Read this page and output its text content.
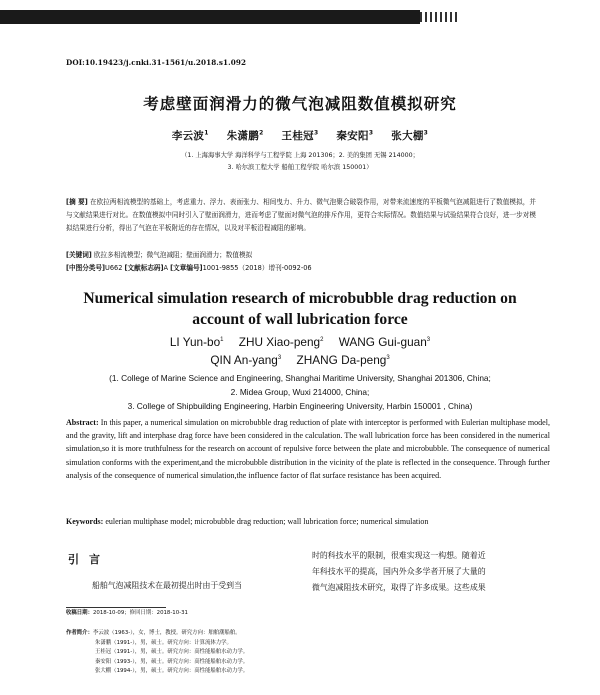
DOI:10.19423/j.cnki.31-1561/u.2018.s1.092
考虑壁面润滑力的微气泡减阻数值模拟研究
李云波$^1$ 朱潇鹏$^2$ 王桂冠$^3$ 秦安阳$^3$ 张大棚$^3$
（1. 上海海事大学 海洋科学与工程学院 上海 201306；2. 美的集团 无锡 214000；
3. 哈尔滨工程大学 船舶工程学院 哈尔滨 150001）
[摘 要] 在欧拉两相流模型的基础上，考虑重力、浮力、表面张力、相间曳力、升力、微气泡聚合破裂作用，对带来流速度的平板微气泡减阻进行了数值模拟，并与文献结果进行对比。在数值模拟中同时引入了壁面润滑力，进而考虑了壁面对微气泡的排斥作用，更符合实际情况。数值结果与试验结果符合良好，进一步对模拟结果进行分析，得出了气泡在平板附近的存在情况，以及对平板沿程减阻的影响。
[关键词] 欧拉多相流模型；微气泡减阻；壁面润滑力；数值模拟
[中图分类号]U662 [文献标志码]A [文章编号]1001-9855（2018）增刊-0092-06
Numerical simulation research of microbubble drag reduction on
account of wall lubrication force
LI Yun-$bo^1$ ZHU Xiao-peng$^2$ WANG Gui-guan$^3$
QIN An-yang$^3$ ZHANG Da-peng$^3$
(1. College of Marine Science and Engineering, Shanghai Maritime University, Shanghai 201306, China;
2. Midea Group, Wuxi 214000, China;
3. College of Shipbuilding Engineering, Harbin Engineering University, Harbin 150001 , China)
Abstract: In this paper, a numerical simulation on microbubble drag reduction of plate with interceptor is performed with Eulerian multiphase model, and the gravity, lift and interphase drag force have been considered in the calculation. The wall lubrication force has been considered in the numerical simulation,so it is more truthfulness for the research on account of repulsive force between the plate and microbubble. The consequence of numerical simulation conforms with the experiment,and the microbubble distribution in the vicinity of the plate is reflected in the consequence. Through further analysis of the consequence of numerical simulation,the influence factor of flat surface resistance has been acquired.
Keywords: eulerian multiphase model; microbubble drag reduction; wall lubrication force; numerical simulation
引言
船舶气泡减阻技术在最初提出时由于受到当
时的科技水平的限制，很难实现这一构想。随着近
年科技水平的提高，国内外众多学者开展了大量的
微气泡减阻技术研究，取得了许多成果。这些成果
收稿日期：2018-10-09；修回日期：2018-10-31
作者简介：李云波（1963-），女，博士，教授。研究方向：舶舶潮船舶。
朱潇鹏（1991-），男，硕士。研究方向：计算流体力学。
王桂冠（1991-），男，硕士。研究方向：高性能船舶水动力学。
秦安阳（1993-），男，硕士。研究方向：高性能船舶水动力学。
张大棚（1994-），男，硕士。研究方向：高性能船舶水动力学。
